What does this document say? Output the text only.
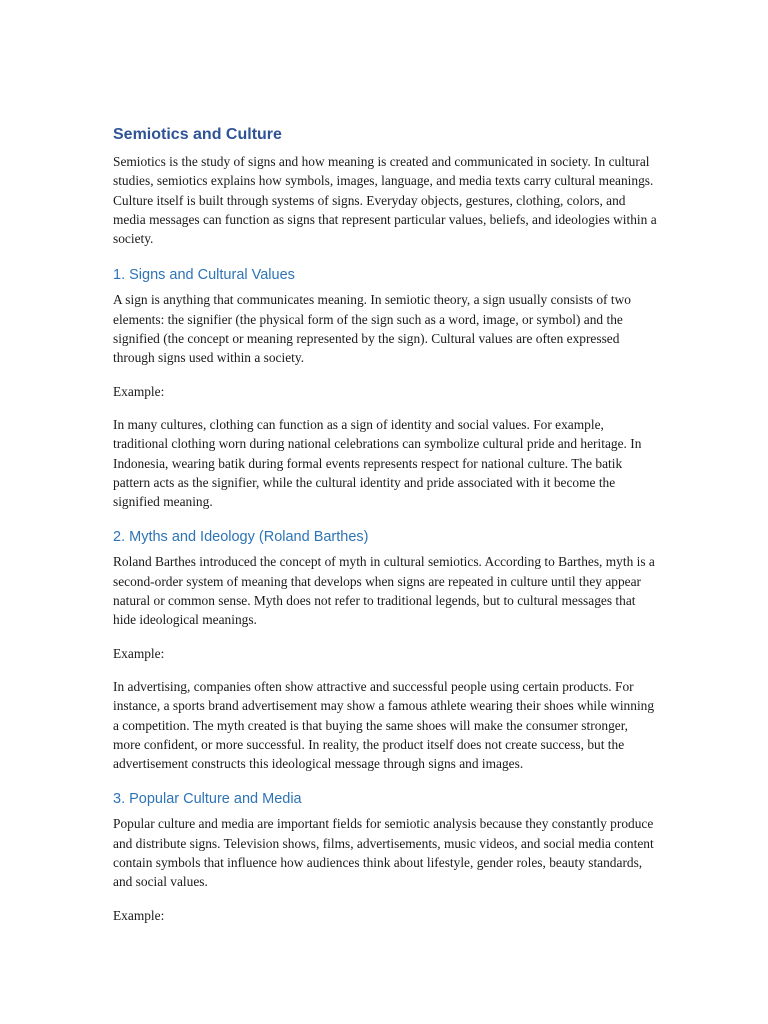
Semiotics and Culture

Semiotics is the study of signs and how meaning is created and communicated in society. In cultural studies, semiotics explains how symbols, images, language, and media texts carry cultural meanings. Culture itself is built through systems of signs. Everyday objects, gestures, clothing, colors, and media messages can function as signs that represent particular values, beliefs, and ideologies within a society.

1. Signs and Cultural Values

A sign is anything that communicates meaning. In semiotic theory, a sign usually consists of two elements: the signifier (the physical form of the sign such as a word, image, or symbol) and the signified (the concept or meaning represented by the sign). Cultural values are often expressed through signs used within a society.

Example:

In many cultures, clothing can function as a sign of identity and social values. For example, traditional clothing worn during national celebrations can symbolize cultural pride and heritage. In Indonesia, wearing batik during formal events represents respect for national culture. The batik pattern acts as the signifier, while the cultural identity and pride associated with it become the signified meaning.

2. Myths and Ideology (Roland Barthes)

Roland Barthes introduced the concept of myth in cultural semiotics. According to Barthes, myth is a second-order system of meaning that develops when signs are repeated in culture until they appear natural or common sense. Myth does not refer to traditional legends, but to cultural messages that hide ideological meanings.

Example:

In advertising, companies often show attractive and successful people using certain products. For instance, a sports brand advertisement may show a famous athlete wearing their shoes while winning a competition. The myth created is that buying the same shoes will make the consumer stronger, more confident, or more successful. In reality, the product itself does not create success, but the advertisement constructs this ideological message through signs and images.

3. Popular Culture and Media

Popular culture and media are important fields for semiotic analysis because they constantly produce and distribute signs. Television shows, films, advertisements, music videos, and social media content contain symbols that influence how audiences think about lifestyle, gender roles, beauty standards, and social values.

Example:
